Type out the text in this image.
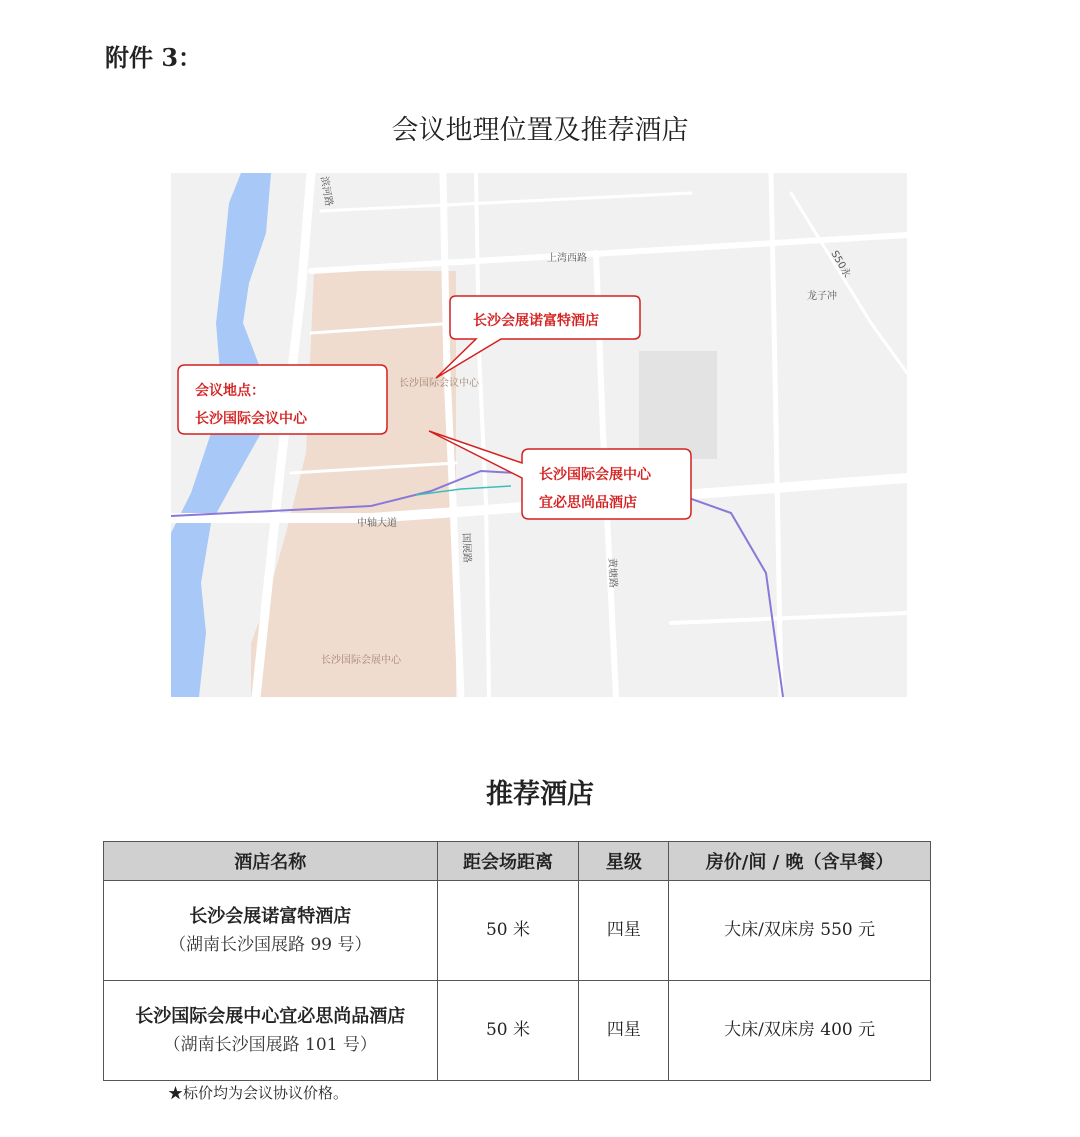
附件 3：
会议地理位置及推荐酒店
上湾西路
中轴大道
国展路
黄塘路
龙子冲
S50永
滨河路
长沙国际会议中心
长沙国际会展中心
长沙会展诺富特酒店
会议地点：
长沙国际会议中心
长沙国际会展中心
宜必思尚品酒店
推荐酒店
酒店名称	距会场距离	星级	房价/间 / 晚（含早餐）

长沙会展诺富特酒店
（湖南长沙国展路 99 号）	50 米	四星	大床/双床房 550 元

长沙国际会展中心宜必思尚品酒店
（湖南长沙国展路 101 号）	50 米	四星	大床/双床房 400 元
★标价均为会议协议价格。
